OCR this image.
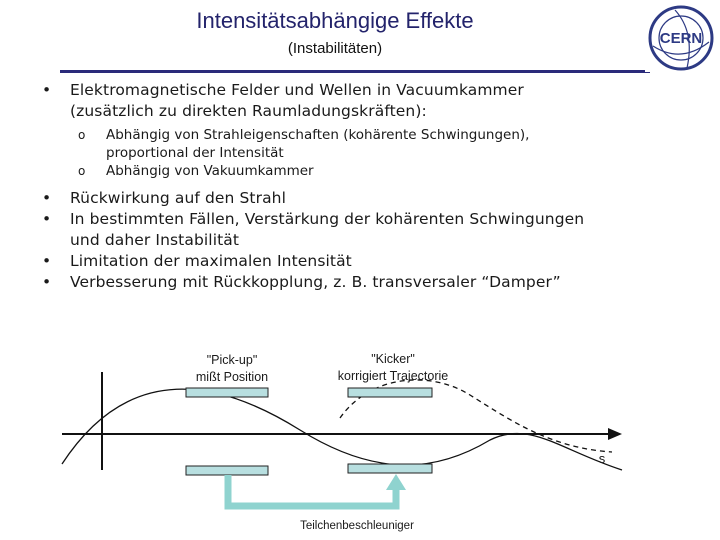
Intensitätsabhängige Effekte
(Instabilitäten)
CERN
• Elektromagnetische Felder und Wellen in Vacuumkammer
(zusätzlich zu direkten Raumladungskräften):
o Abhängig von Strahleigenschaften (kohärente Schwingungen),
proportional der Intensität
o Abhängig von Vakuumkammer
• Rückwirkung auf den Strahl
• In bestimmten Fällen, Verstärkung der kohärenten Schwingungen
und daher Instabilität
• Limitation der maximalen Intensität
• Verbesserung mit Rückkopplung, z. B. transversaler “Damper”
"Pick-up"
mißt Position
"Kicker"
korrigiert Trajectorie
s
Teilchenbeschleuniger
